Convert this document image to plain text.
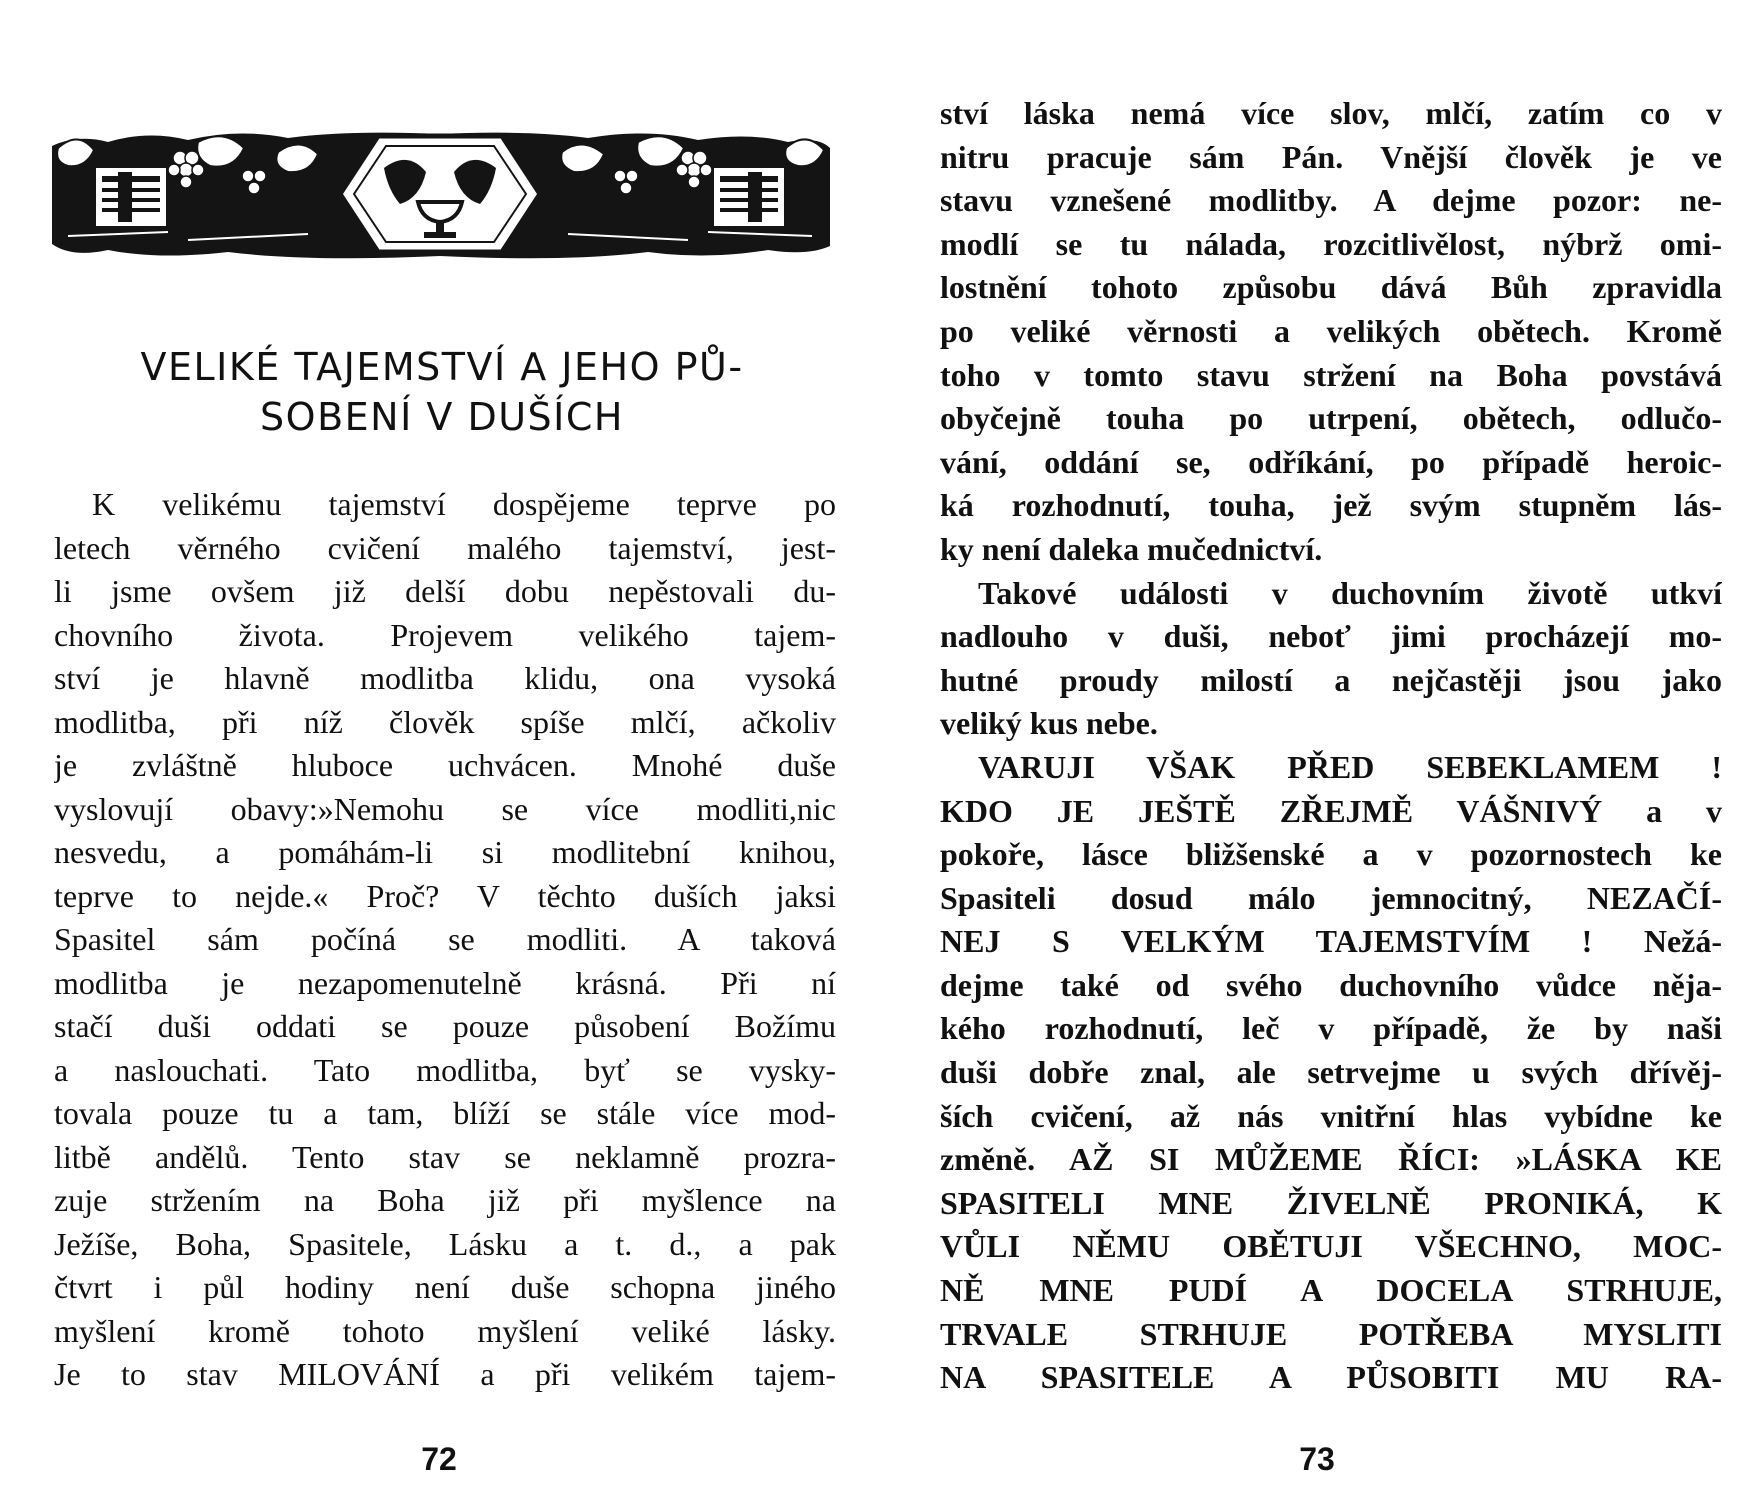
VELIKÉ TAJEMSTVÍ A JEHO PŮ-
SOBENÍ V DUŠÍCH
K velikému tajemství dospějeme teprve po
letech věrného cvičení malého tajemství, jest-
li jsme ovšem již delší dobu nepěstovali du-
chovního života. Projevem velikého tajem-
ství je hlavně modlitba klidu, ona vysoká
modlitba, při níž člověk spíše mlčí, ačkoliv
je zvláštně hluboce uchvácen. Mnohé duše
vyslovují obavy:»Nemohu se více modliti,nic
nesvedu, a pomáhám-li si modlitební knihou,
teprve to nejde.« Proč? V těchto duších jaksi
Spasitel sám počíná se modliti. A taková
modlitba je nezapomenutelně krásná. Při ní
stačí duši oddati se pouze působení Božímu
a naslouchati. Tato modlitba, byť se vysky-
tovala pouze tu a tam, blíží se stále více mod-
litbě andělů. Tento stav se neklamně prozra-
zuje stržením na Boha již při myšlence na
Ježíše, Boha, Spasitele, Lásku a t. d., a pak
čtvrt i půl hodiny není duše schopna jiného
myšlení kromě tohoto myšlení veliké lásky.
Je to stav MILOVÁNÍ a při velikém tajem-
72
ství láska nemá více slov, mlčí, zatím co v
nitru pracuje sám Pán. Vnější člověk je ve
stavu vznešené modlitby. A dejme pozor: ne-
modlí se tu nálada, rozcitlivělost, nýbrž omi-
lostnění tohoto způsobu dává Bůh zpravidla
po veliké věrnosti a velikých obětech. Kromě
toho v tomto stavu stržení na Boha povstává
obyčejně touha po utrpení, obětech, odlučo-
vání, oddání se, odříkání, po případě heroic-
ká rozhodnutí, touha, jež svým stupněm lás-
ky není daleka mučednictví.
Takové události v duchovním životě utkví
nadlouho v duši, neboť jimi procházejí mo-
hutné proudy milostí a nejčastěji jsou jako
veliký kus nebe.
VARUJI VŠAK PŘED SEBEKLAMEM !
KDO JE JEŠTĚ ZŘEJMĚ VÁŠNIVÝ a v
pokoře, lásce bližšenské a v pozornostech ke
Spasiteli dosud málo jemnocitný, NEZAČÍ-
NEJ S VELKÝM TAJEMSTVÍM ! Nežá-
dejme také od svého duchovního vůdce něja-
kého rozhodnutí, leč v případě, že by naši
duši dobře znal, ale setrvejme u svých dřívěj-
ších cvičení, až nás vnitřní hlas vybídne ke
změně. AŽ SI MŮŽEME ŘÍCI: »LÁSKA KE
SPASITELI MNE ŽIVELNĚ PRONIKÁ, K
VŮLI NĚMU OBĚTUJI VŠECHNO, MOC-
NĚ MNE PUDÍ A DOCELA STRHUJE,
TRVALE STRHUJE POTŘEBA MYSLITI
NA SPASITELE A PŮSOBITI MU RA-
73
